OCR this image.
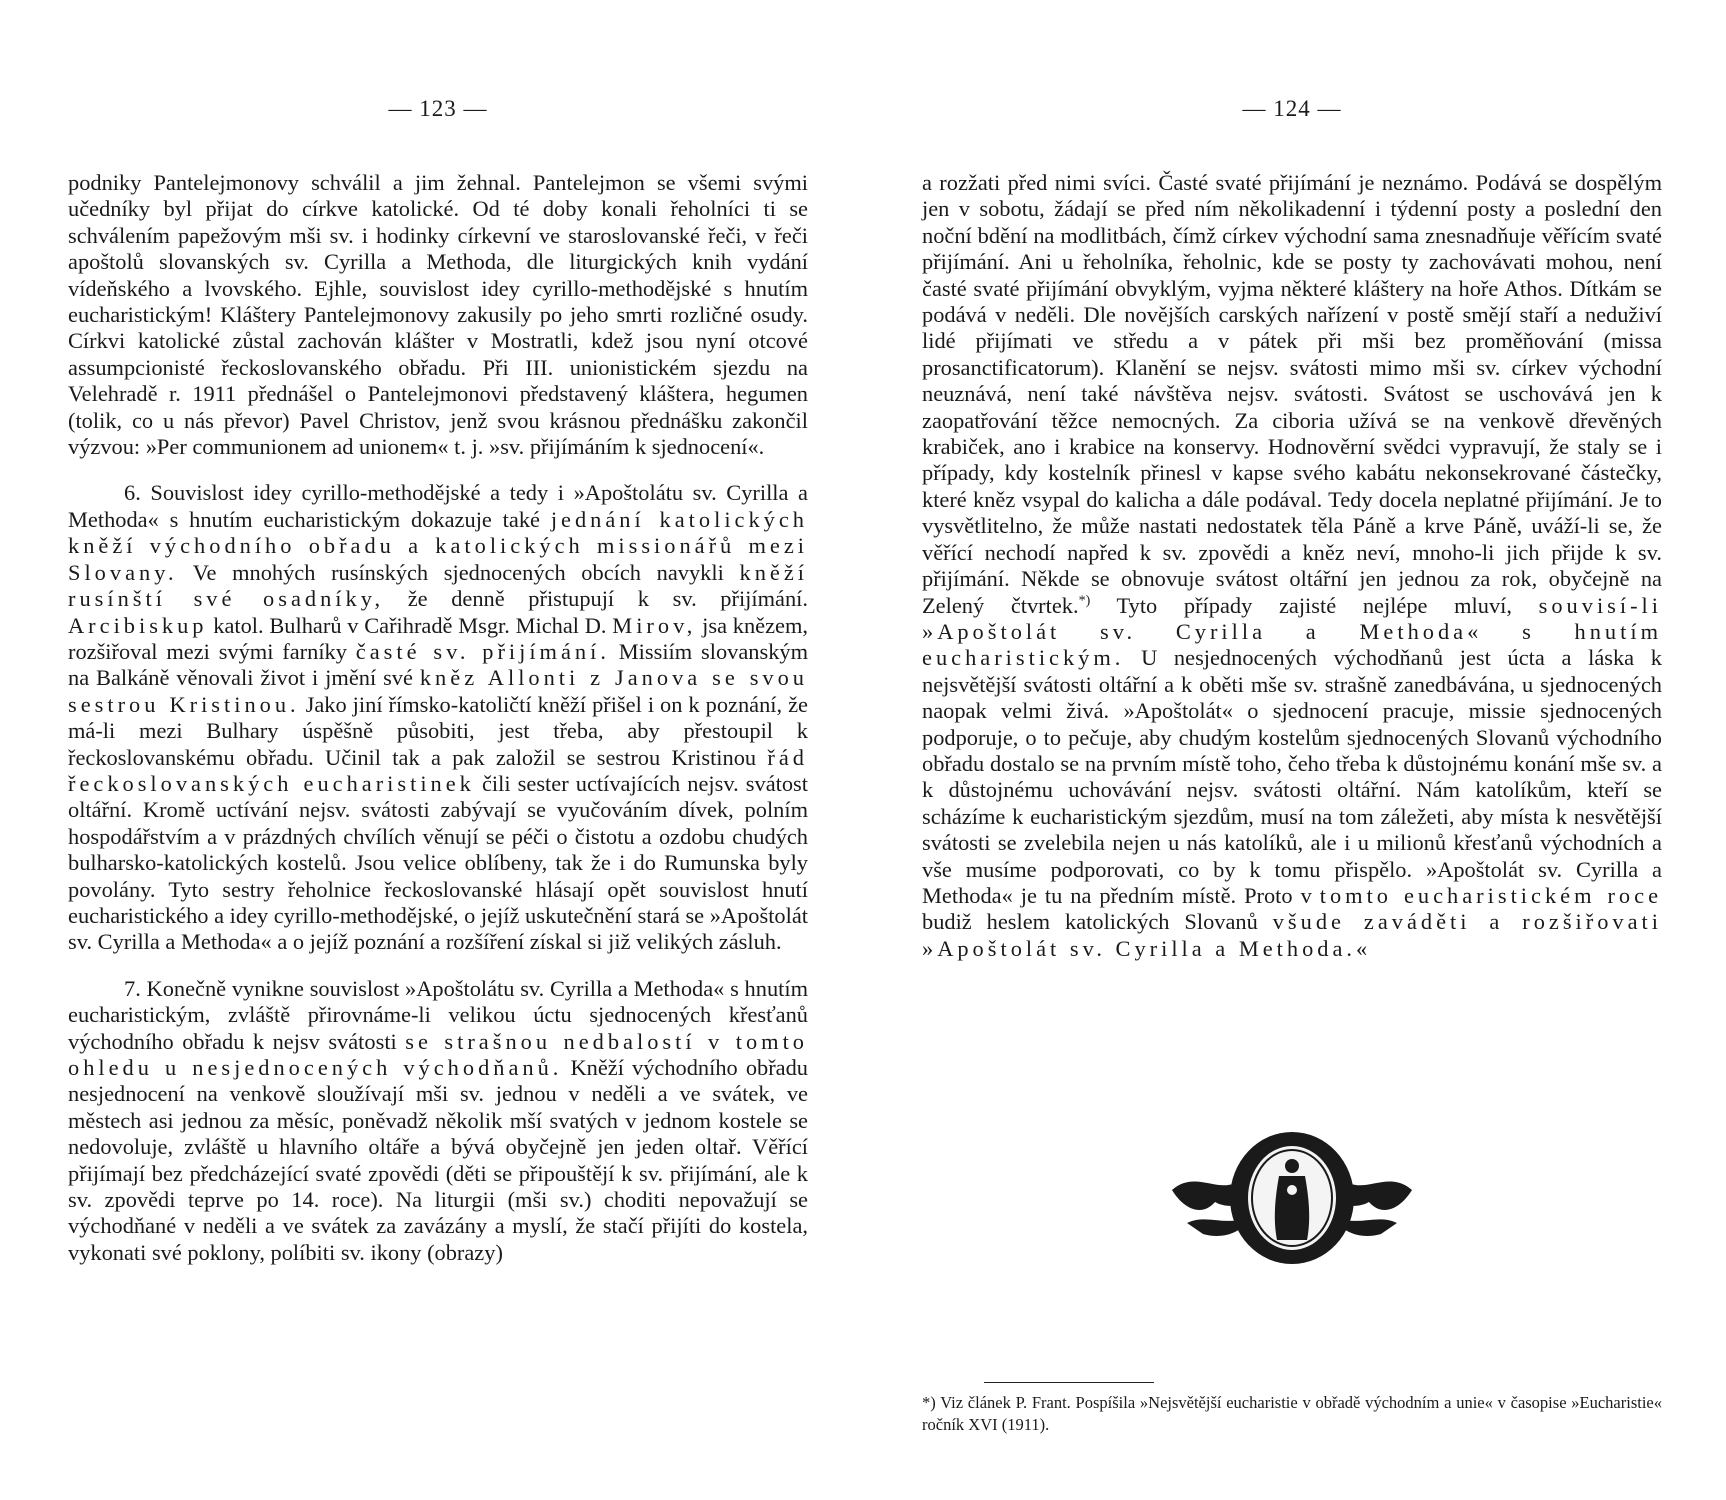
— 123 —

podniky Pantelejmonovy schválil a jim žehnal. Pantelejmon se všemi svými učedníky byl přijat do církve katolické. Od té doby konali řeholníci ti se schválením papežovým mši sv. i hodinky církevní ve staroslovanské řeči, v řeči apoštolů slovanských sv. Cyrilla a Methoda, dle liturgických knih vydání vídeňského a lvovského. Ejhle, souvislost idey cyrillo-methodějské s hnutím eucharistickým! Kláštery Pantelejmonovy zakusily po jeho smrti rozličné osudy. Církvi katolické zůstal zachován klášter v Mostratli, kdež jsou nyní otcové assumpcionisté řeckoslovanského obřadu. Při III. unionistickém sjezdu na Velehradě r. 1911 přednášel o Pantelejmonovi představený kláštera, hegumen (tolik, co u nás převor) Pavel Christov, jenž svou krásnou přednášku zakončil výzvou: »Per communionem ad unionem« t. j. »sv. přijímáním k sjednocení«.

6. Souvislost idey cyrillo-methodějské a tedy i »Apoštolátu sv. Cyrilla a Methoda« s hnutím eucharistickým dokazuje také jednání katolických kněží východního obřadu a katolických missionářů mezi Slovany. Ve mnohých rusínských sjednocených obcích navykli kněží rusínští své osadníky, že denně přistupují k sv. přijímání. Arcibiskup katol. Bulharů v Cařihradě Msgr. Michal D. Mirov, jsa knězem, rozšiřoval mezi svými farníky časté sv. přijímání. Missiím slovanským na Balkáně věnovali život i jmění své kněz Allonti z Janova se svou sestrou Kristinou. Jako jiní římsko-katoličtí kněží přišel i on k poznání, že má-li mezi Bulhary úspěšně působiti, jest třeba, aby přestoupil k řeckoslovanskému obřadu. Učinil tak a pak založil se sestrou Kristinou řád řeckoslovanských eucharistinek čili sester uctívajících nejsv. svátost oltářní. Kromě uctívání nejsv. svátosti zabývají se vyučováním dívek, polním hospodářstvím a v prázdných chvílích věnují se péči o čistotu a ozdobu chudých bulharsko-katolických kostelů. Jsou velice oblíbeny, tak že i do Rumunska byly povolány. Tyto sestry řeholnice řeckoslovanské hlásají opět souvislost hnutí eucharistického a idey cyrillo-methodějské, o jejíž uskutečnění stará se »Apoštolát sv. Cyrilla a Methoda« a o jejíž poznání a rozšíření získal si již velikých zásluh.

7. Konečně vynikne souvislost »Apoštolátu sv. Cyrilla a Methoda« s hnutím eucharistickým, zvláště přirovnáme-li velikou úctu sjednocených křesťanů východního obřadu k nejsv svátosti se strašnou nedbalostí v tomto ohledu u nesjednocených východňanů. Kněží východního obřadu nesjednocení na venkově sloužívají mši sv. jednou v neděli a ve svátek, ve městech asi jednou za měsíc, poněvadž několik mší svatých v jednom kostele se nedovoluje, zvláště u hlavního oltáře a bývá obyčejně jen jeden oltař. Věřící přijímají bez předcházející svaté zpovědi (děti se připouštějí k sv. přijímání, ale k sv. zpovědi teprve po 14. roce). Na liturgii (mši sv.) choditi nepovažují se východňané v neděli a ve svátek za zavázány a myslí, že stačí přijíti do kostela, vykonati své poklony, políbiti sv. ikony (obrazy)

— 124 —

a rozžati před nimi svíci. Časté svaté přijímání je neznámo. Podává se dospělým jen v sobotu, žádají se před ním několikadenní i týdenní posty a poslední den noční bdění na modlitbách, čímž církev východní sama znesnadňuje věřícím svaté přijímání. Ani u řeholníka, řeholnic, kde se posty ty zachovávati mohou, není časté svaté přijímání obvyklým, vyjma některé kláštery na hoře Athos. Dítkám se podává v neděli. Dle novějších carských nařízení v postě smějí staří a neduživí lidé přijímati ve středu a v pátek při mši bez proměňování (missa prosanctificatorum). Klanění se nejsv. svátosti mimo mši sv. církev východní neuznává, není také návštěva nejsv. svátosti. Svátost se uschovává jen k zaopatřování těžce nemocných. Za ciboria užívá se na venkově dřevěných krabiček, ano i krabice na konservy. Hodnověrní svědci vypravují, že staly se i případy, kdy kostelník přinesl v kapse svého kabátu nekonsekrované částečky, které kněz vsypal do kalicha a dále podával. Tedy docela neplatné přijímání. Je to vysvětlitelno, že může nastati nedostatek těla Páně a krve Páně, uváží-li se, že věřící nechodí napřed k sv. zpovědi a kněz neví, mnoho-li jich přijde k sv. přijímání. Někde se obnovuje svátost oltářní jen jednou za rok, obyčejně na Zelený čtvrtek.*) Tyto případy zajisté nejlépe mluví, souvisí-li »Apoštolát sv. Cyrilla a Methoda« s hnutím eucharistickým. U nesjednocených východňanů jest úcta a láska k nejsvětější svátosti oltářní a k oběti mše sv. strašně zanedbávána, u sjednocených naopak velmi živá. »Apoštolát« o sjednocení pracuje, missie sjednocených podporuje, o to pečuje, aby chudým kostelům sjednocených Slovanů východního obřadu dostalo se na prvním místě toho, čeho třeba k důstojnému konání mše sv. a k důstojnému uchovávání nejsv. svátosti oltářní. Nám katolíkům, kteří se scházíme k eucharistickým sjezdům, musí na tom záležeti, aby místa k nesvětější svátosti se zvelebila nejen u nás katolíků, ale i u milionů křesťanů východních a vše musíme podporovati, co by k tomu přispělo. »Apoštolát sv. Cyrilla a Methoda« je tu na předním místě. Proto v tomto eucharistickém roce budiž heslem katolických Slovanů všude zaváděti a rozšiřovati »Apoštolát sv. Cyrilla a Methoda.«

*) Viz článek P. Frant. Pospíšila »Nejsvětější eucharistie v obřadě východním a unie« v časopise »Eucharistie« ročník XVI (1911).
